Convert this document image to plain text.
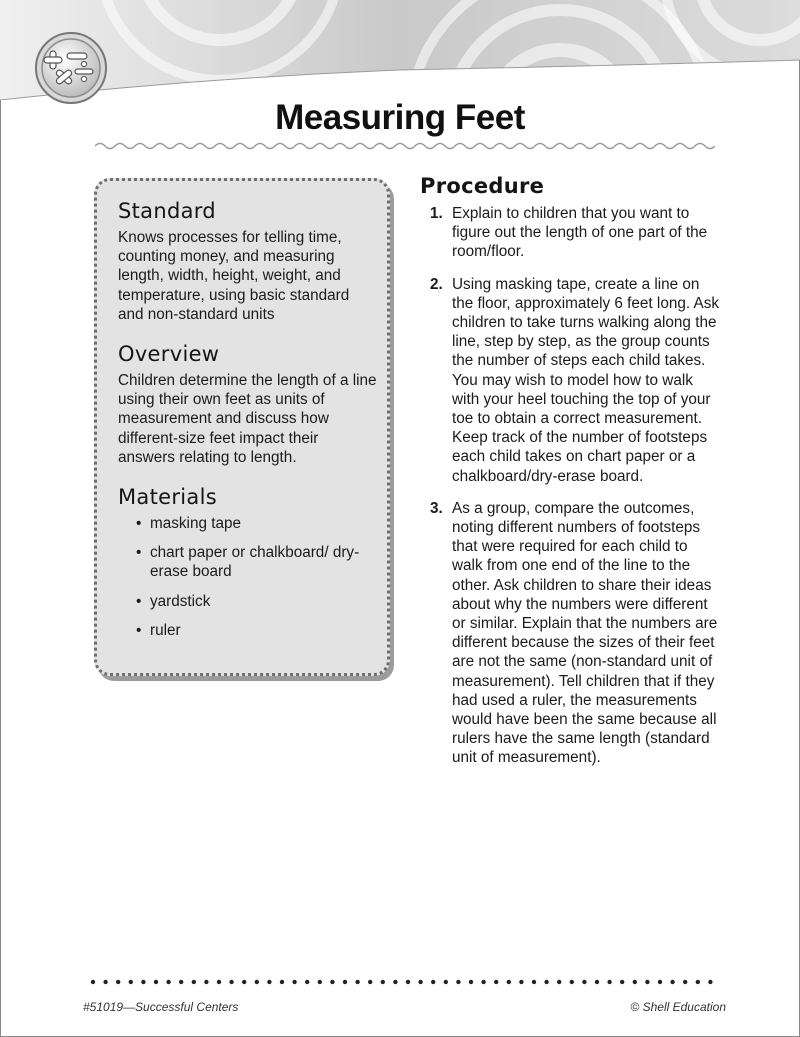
Measuring Feet
Standard

Knows processes for telling time, counting money, and measuring length, width, height, weight, and temperature, using basic standard and non-standard units

Overview

Children determine the length of a line using their own feet as units of measurement and discuss how different-size feet impact their answers relating to length.

Materials
• masking tape
• chart paper or chalkboard/ dry-erase board
• yardstick
• ruler
Procedure
1. Explain to children that you want to figure out the length of one part of the room/floor.
2. Using masking tape, create a line on the floor, approximately 6 feet long. Ask children to take turns walking along the line, step by step, as the group counts the number of steps each child takes. You may wish to model how to walk with your heel touching the top of your toe to obtain a correct measurement. Keep track of the number of footsteps each child takes on chart paper or a chalkboard/dry-erase board.
3. As a group, compare the outcomes, noting different numbers of footsteps that were required for each child to walk from one end of the line to the other. Ask children to share their ideas about why the numbers were different or similar. Explain that the numbers are different because the sizes of their feet are not the same (non-standard unit of measurement). Tell children that if they had used a ruler, the measurements would have been the same because all rulers have the same length (standard unit of measurement).
#51019—Successful Centers	© Shell Education
